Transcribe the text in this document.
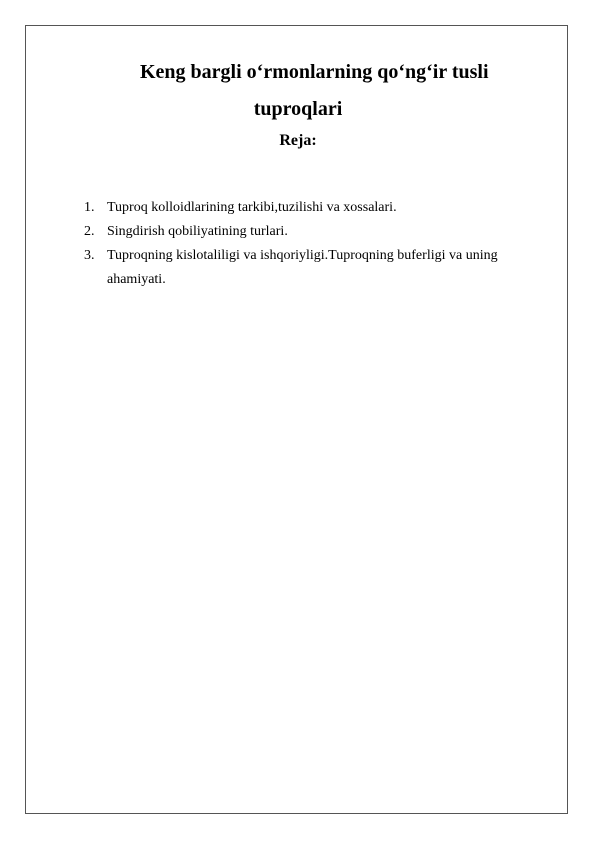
Keng bargli o‘rmonlarning qo‘ng‘ir tusli
tuproqlari
Reja:
1. Tuproq kolloidlarining tarkibi,tuzilishi va xossalari.
2. Singdirish qobiliyatining turlari.
3. Tuproqning kislotaliligi va ishqoriyligi.Tuproqning buferligi va uning ahamiyati.
